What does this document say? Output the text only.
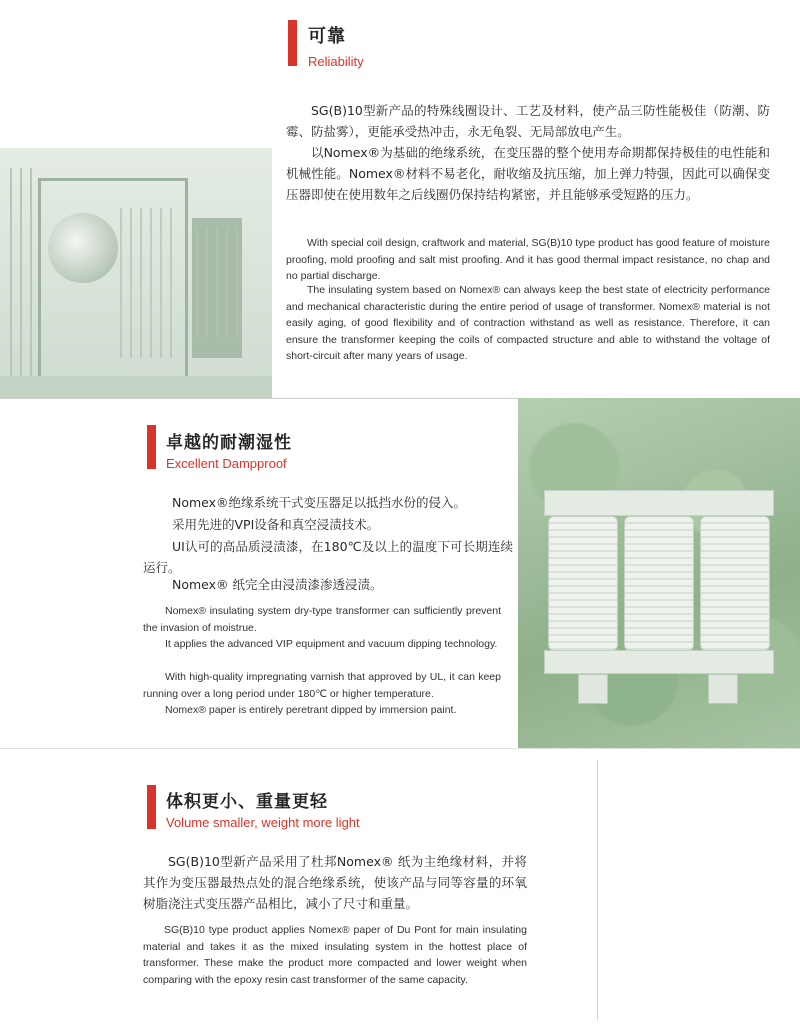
可靠
Reliability
SG(B)10型新产品的特殊线圈设计、工艺及材料，使产品三防性能极佳（防潮、防霉、防盐雾），更能承受热冲击，永无龟裂、无局部放电产生。
以Nomex®为基础的绝缘系统，在变压器的整个使用寿命期都保持极佳的电性能和机械性能。Nomex®材料不易老化，耐收缩及抗压缩，加上弹力特强，因此可以确保变压器即使在使用数年之后线圈仍保持结构紧密，并且能够承受短路的压力。
With special coil design, craftwork and material, SG(B)10 type product has good feature of moisture proofing, mold proofing and salt mist proofing. And it has good thermal impact resistance, no chap and no partial discharge.
The insulating system based on Nomex® can always keep the best state of electricity performance and mechanical characteristic during the entire period of usage of transformer. Nomex® material is not easily aging, of good flexibility and of contraction withstand as well as resistance. Therefore, it can ensure the transformer keeping the coils of compacted structure and able to withstand the voltage of short-circuit after many years of usage.
卓越的耐潮湿性
Excellent Dampproof
Nomex®绝缘系统干式变压器足以抵挡水份的侵入。
采用先进的VPI设备和真空浸渍技术。
UI认可的高品质浸渍漆，在180℃及以上的温度下可长期连续运行。
Nomex® 纸完全由浸渍漆渗透浸渍。
Nomex® insulating system dry-type transformer can sufficiently prevent the invasion of moistrue.
It applies the advanced VIP equipment and vacuum dipping technology.
With high-quality impregnating varnish that approved by UL, it can keep running over a long period under 180℃ or higher temperature.
Nomex® paper is entirely peretrant dipped by immersion paint.
体积更小、重量更轻
Volume smaller, weight more light
SG(B)10型新产品采用了杜邦Nomex® 纸为主绝缘材料，并将其作为变压器最热点处的混合绝缘系统，使该产品与同等容量的环氧树脂浇注式变压器产品相比，减小了尺寸和重量。
SG(B)10 type product applies Nomex® paper of Du Pont for main insulating material and takes it as the mixed insulating system in the hottest place of transformer. These make the product more compacted and lower weight when comparing with the epoxy resin cast transformer of the same capacity.
